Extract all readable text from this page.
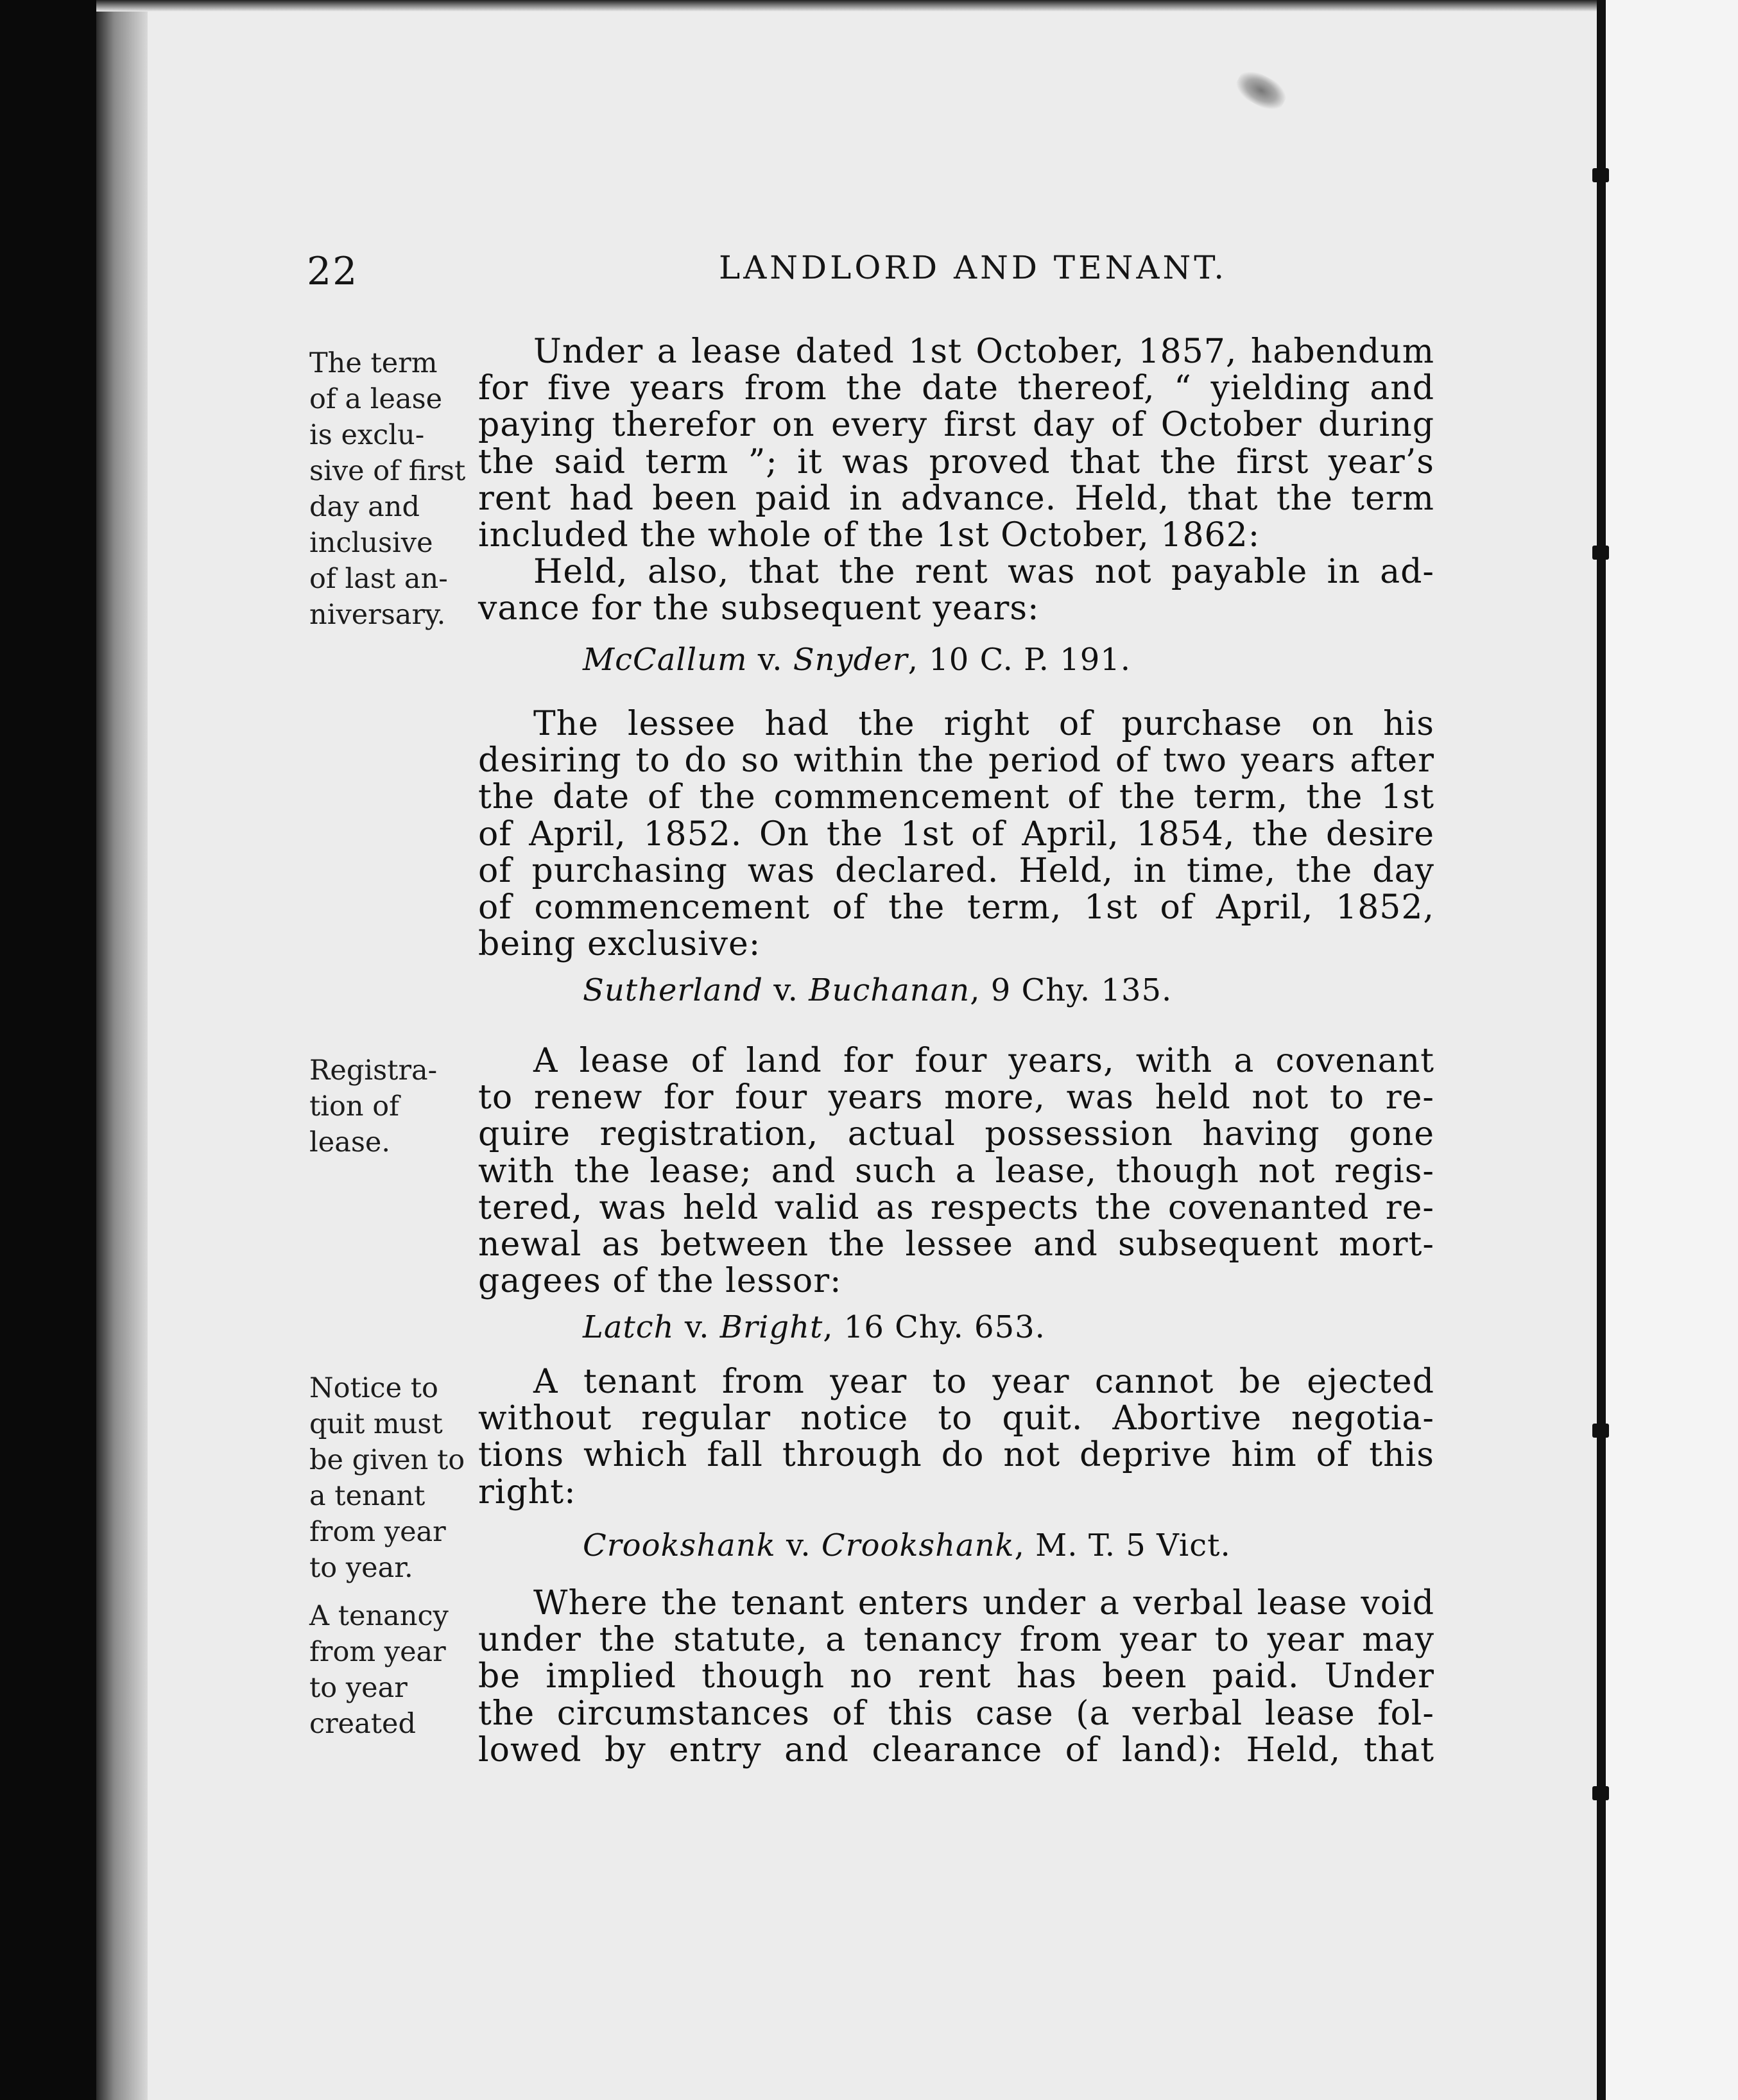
22	LANDLORD AND TENANT.
The term
of a lease
is exclu-
sive of first
day and
inclusive
of last an-
niversary.
Under a lease dated 1st October, 1857, habendum
for five years from the date thereof, “ yielding and
paying therefor on every first day of October during
the said term ”; it was proved that the first year’s
rent had been paid in advance. Held, that the term
included the whole of the 1st October, 1862:
Held, also, that the rent was not payable in ad-
vance for the subsequent years:
McCallum v. Snyder, 10 C. P. 191.
The lessee had the right of purchase on his
desiring to do so within the period of two years after
the date of the commencement of the term, the 1st
of April, 1852. On the 1st of April, 1854, the desire
of purchasing was declared. Held, in time, the day
of commencement of the term, 1st of April, 1852,
being exclusive:
Sutherland v. Buchanan, 9 Chy. 135.
Registra-
tion of
lease.
A lease of land for four years, with a covenant
to renew for four years more, was held not to re-
quire registration, actual possession having gone
with the lease; and such a lease, though not regis-
tered, was held valid as respects the covenanted re-
newal as between the lessee and subsequent mort-
gagees of the lessor:
Latch v. Bright, 16 Chy. 653.
Notice to
quit must
be given to
a tenant
from year
to year.
A tenant from year to year cannot be ejected
without regular notice to quit. Abortive negotia-
tions which fall through do not deprive him of this
right:
Crookshank v. Crookshank, M. T. 5 Vict.
A tenancy
from year
to year
created
Where the tenant enters under a verbal lease void
under the statute, a tenancy from year to year may
be implied though no rent has been paid. Under
the circumstances of this case (a verbal lease fol-
lowed by entry and clearance of land): Held, that
